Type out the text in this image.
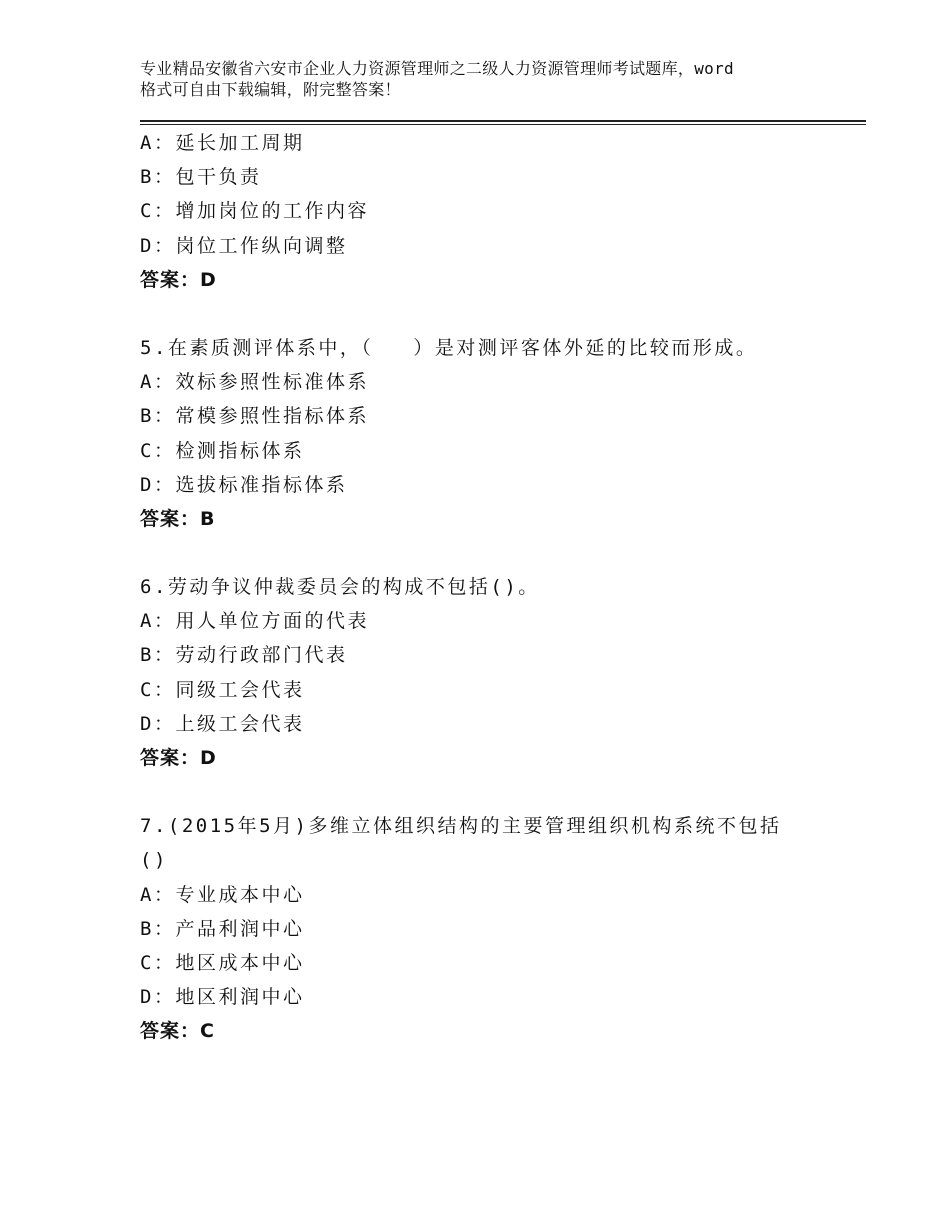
专业精品安徽省六安市企业人力资源管理师之二级人力资源管理师考试题库，word
格式可自由下载编辑，附完整答案！
A：延长加工周期
B：包干负责
C：增加岗位的工作内容
D：岗位工作纵向调整
答案：D
5.在素质测评体系中，（ ）是对测评客体外延的比较而形成。
A：效标参照性标准体系
B：常模参照性指标体系
C：检测指标体系
D：选拔标准指标体系
答案：B
6.劳动争议仲裁委员会的构成不包括()。
A：用人单位方面的代表
B：劳动行政部门代表
C：同级工会代表
D：上级工会代表
答案：D
7.(2015年5月)多维立体组织结构的主要管理组织机构系统不包括
()
A：专业成本中心
B：产品利润中心
C：地区成本中心
D：地区利润中心
答案：C
